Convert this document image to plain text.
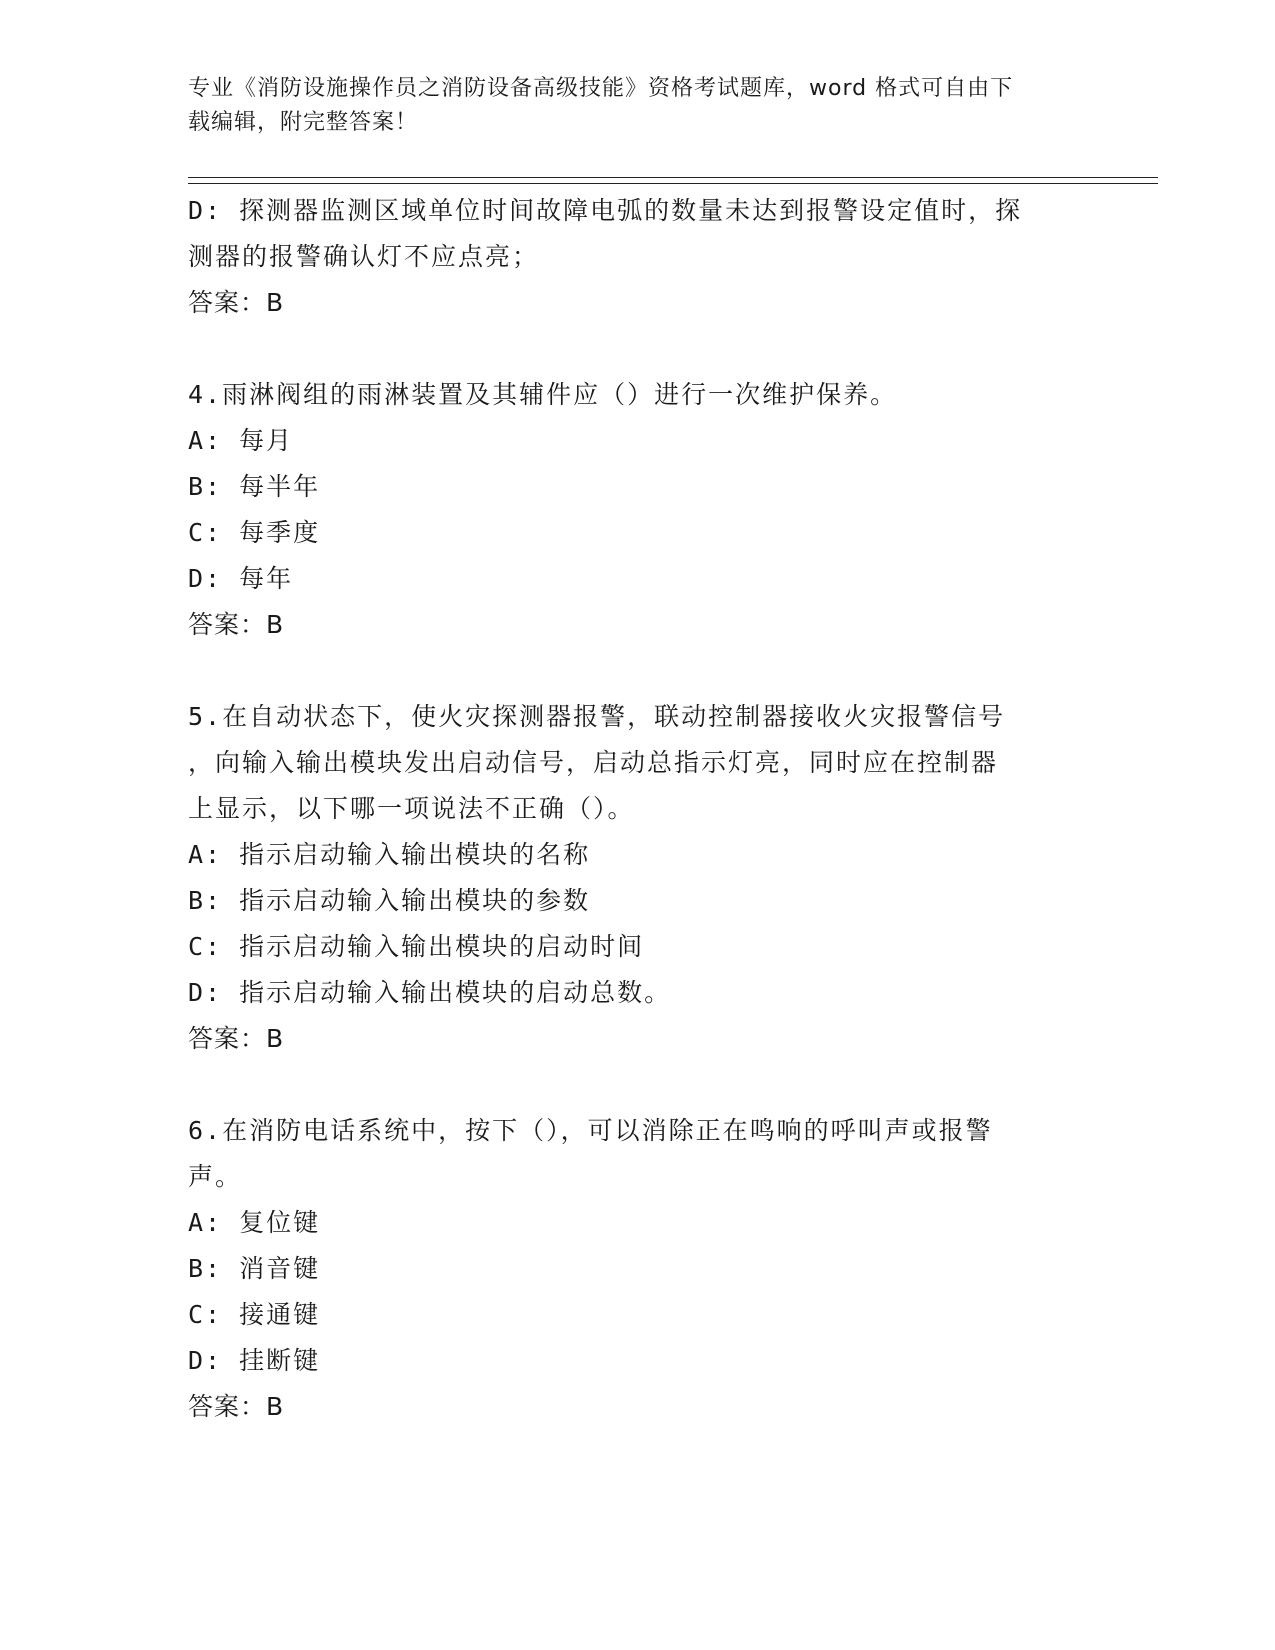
专业《消防设施操作员之消防设备高级技能》资格考试题库，word 格式可自由下
载编辑，附完整答案！
D: 探测器监测区域单位时间故障电弧的数量未达到报警设定值时，探
测器的报警确认灯不应点亮；
答案：B
4.雨淋阀组的雨淋装置及其辅件应（）进行一次维护保养。
A: 每月
B: 每半年
C: 每季度
D: 每年
答案：B
5.在自动状态下，使火灾探测器报警，联动控制器接收火灾报警信号
，向输入输出模块发出启动信号，启动总指示灯亮，同时应在控制器
上显示，以下哪一项说法不正确（）。
A: 指示启动输入输出模块的名称
B: 指示启动输入输出模块的参数
C: 指示启动输入输出模块的启动时间
D: 指示启动输入输出模块的启动总数。
答案：B
6.在消防电话系统中，按下（），可以消除正在鸣响的呼叫声或报警
声。
A: 复位键
B: 消音键
C: 接通键
D: 挂断键
答案：B
